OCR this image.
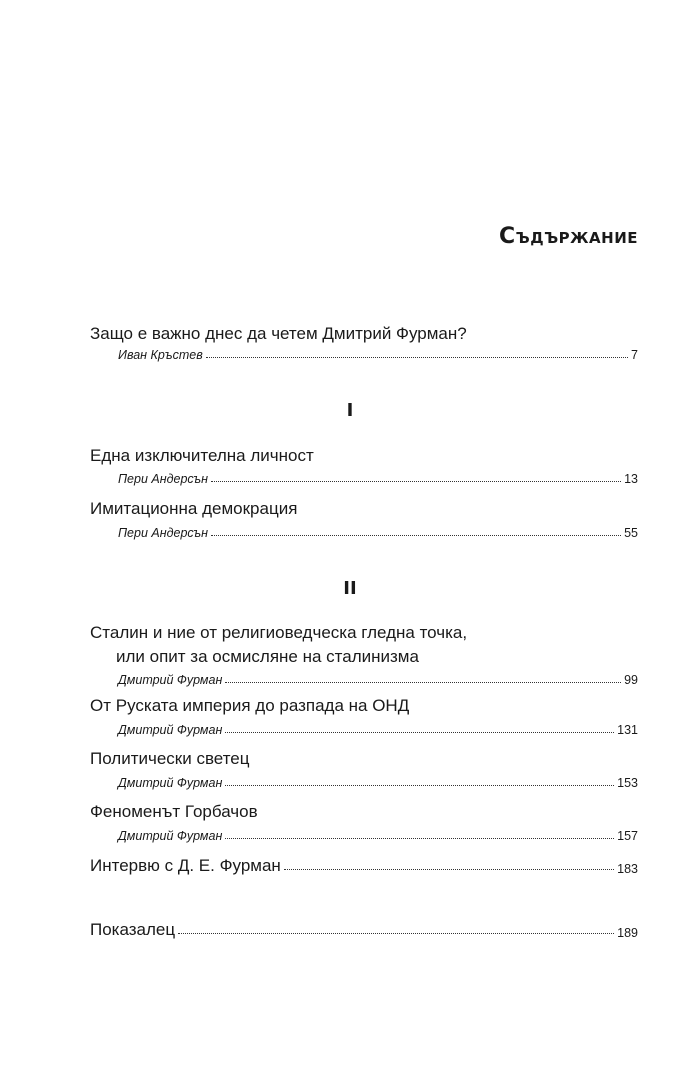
Съдържание
Защо е важно днес да четем Дмитрий Фурман?
Иван Кръстев	7
I
Една изключителна личност
Пери Андерсън	13
Имитационна демокрация
Пери Андерсън	55
II
Сталин и ние от религиоведческа гледна точка,
или опит за осмисляне на сталинизма
Дмитрий Фурман	99
От Руската империя до разпада на ОНД
Дмитрий Фурман	131
Политически светец
Дмитрий Фурман	153
Феноменът Горбачов
Дмитрий Фурман	157
Интервю с Д. Е. Фурман	183
Показалец	189
